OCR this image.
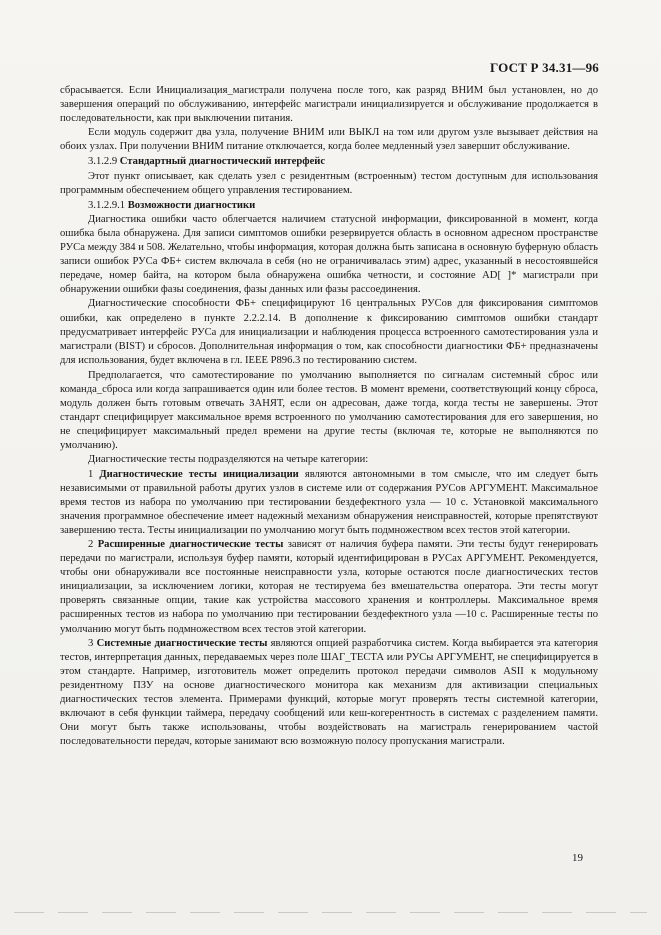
ГОСТ Р 34.31—96

сбрасывается. Если Инициализация_магистрали получена после того, как разряд ВНИМ был установлен, но до завершения операций по обслуживанию, интерфейс магистрали инициализируется и обслуживание продолжается в последовательности, как при выключении питания.

Если модуль содержит два узла, получение ВНИМ или ВЫКЛ на том или другом узле вызывает действия на обоих узлах. При получении ВНИМ питание отключается, когда более медленный узел завершит обслуживание.

3.1.2.9 Стандартный диагностический интерфейс

Этот пункт описывает, как сделать узел с резидентным (встроенным) тестом доступным для использования программным обеспечением общего управления тестированием.

3.1.2.9.1 Возможности диагностики

Диагностика ошибки часто облегчается наличием статусной информации, фиксированной в момент, когда ошибка была обнаружена. Для записи симптомов ошибки резервируется область в основном адресном пространстве РУСа между 384 и 508. Желательно, чтобы информация, которая должна быть записана в основную буферную область записи ошибок РУСа ФБ+ систем включала в себя (но не ограничивалась этим) адрес, указанный в несостоявшейся передаче, номер байта, на котором была обнаружена ошибка четности, и состояние AD[ ]* магистрали при обнаружении ошибки фазы соединения, фазы данных или фазы рассоединения.

Диагностические способности ФБ+ специфицируют 16 центральных РУСов для фиксирования симптомов ошибки, как определено в пункте 2.2.2.14. В дополнение к фиксированию симптомов ошибки стандарт предусматривает интерфейс РУСа для инициализации и наблюдения процесса встроенного самотестирования узла и магистрали (BIST) и сбросов. Дополнительная информация о том, как способности диагностики ФБ+ предназначены для использования, будет включена в гл. IEEE P896.3 по тестированию систем.

Предполагается, что самотестирование по умолчанию выполняется по сигналам системный сброс или команда_сброса или когда запрашивается один или более тестов. В момент времени, соответствующий концу сброса, модуль должен быть готовым отвечать ЗАНЯТ, если он адресован, даже тогда, когда тесты не завершены. Этот стандарт специфицирует максимальное время встроенного по умолчанию самотестирования для его завершения, но не специфицирует максимальный предел времени на другие тесты (включая те, которые не выполняются по умолчанию).

Диагностические тесты подразделяются на четыре категории:

1 Диагностические тесты инициализации являются автономными в том смысле, что им следует быть независимыми от правильной работы других узлов в системе или от содержания РУСов АРГУМЕНТ. Максимальное время тестов из набора по умолчанию при тестировании бездефектного узла — 10 с. Установкой максимального значения программное обеспечение имеет надежный механизм обнаружения неисправностей, которые препятствуют завершению теста. Тесты инициализации по умолчанию могут быть подмножеством всех тестов этой категории.

2 Расширенные диагностические тесты зависят от наличия буфера памяти. Эти тесты будут генерировать передачи по магистрали, используя буфер памяти, который идентифицирован в РУСах АРГУМЕНТ. Рекомендуется, чтобы они обнаруживали все постоянные неисправности узла, которые остаются после диагностических тестов инициализации, за исключением логики, которая не тестируема без вмешательства оператора. Эти тесты могут проверять связанные опции, такие как устройства массового хранения и контроллеры. Максимальное время расширенных тестов из набора по умолчанию при тестировании бездефектного узла —10 с. Расширенные тесты по умолчанию могут быть подмножеством всех тестов этой категории.

3 Системные диагностические тесты являются опцией разработчика систем. Когда выбирается эта категория тестов, интерпретация данных, передаваемых через поле ШАГ_ТЕСТА или РУСы АРГУМЕНТ, не специфицируется в этом стандарте. Например, изготовитель может определить протокол передачи символов ASII к модульному резидентному ПЗУ на основе диагностического монитора как механизм для активизации специальных диагностических тестов элемента. Примерами функций, которые могут проверять тесты системной категории, включают в себя функции таймера, передачу сообщений или кеш-когерентность в системах с разделением памяти. Они могут быть также использованы, чтобы воздействовать на магистраль генерированием частой последовательности передач, которые занимают всю возможную полосу пропускания магистрали.

19
